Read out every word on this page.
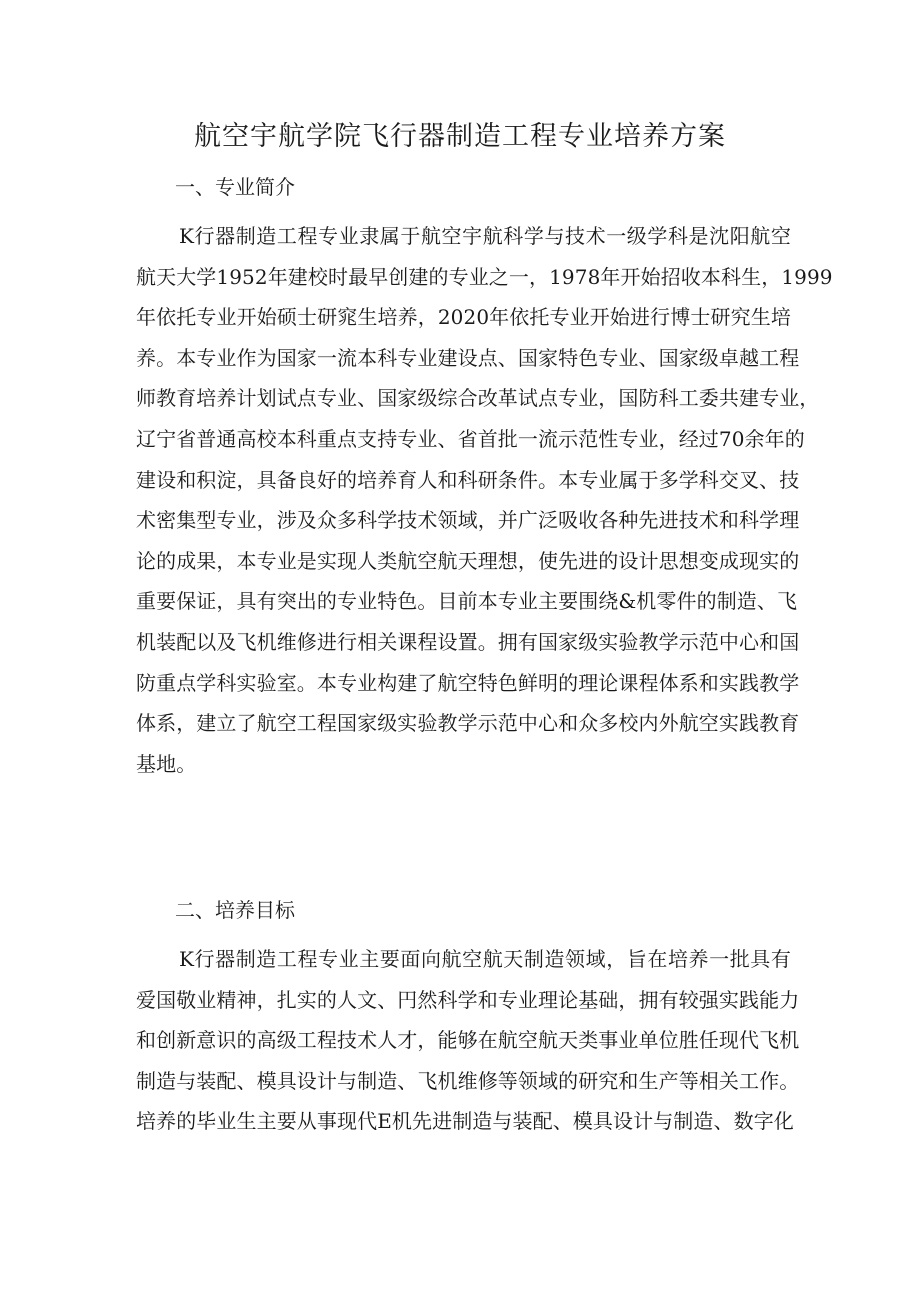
航空宇航学院飞行器制造工程专业培养方案
一、专业简介
K行器制造工程专业隶属于航空宇航科学与技术一级学科是沈阳航空
航天大学1952年建校时最早创建的专业之一，1978年开始招收本科生，1999
年依托专业开始硕士研窕生培养，2020年依托专业开始进行博士研究生培
养。本专业作为国家一流本科专业建设点、国家特色专业、国家级卓越工程
师教育培养计划试点专业、国家级综合改革试点专业，国防科工委共建专业，
辽宁省普通高校本科重点支持专业、省首批一流示范性专业，经过70余年的
建设和积淀，具备良好的培养育人和科研条件。本专业属于多学科交叉、技
术密集型专业，涉及众多科学技术领域，并广泛吸收各种先进技术和科学理
论的成果，本专业是实现人类航空航天理想，使先进的设计思想变成现实的
重要保证，具有突出的专业特色。目前本专业主要围绕&机零件的制造、飞
机装配以及飞机维修进行相关课程设置。拥有国家级实验教学示范中心和国
防重点学科实验室。本专业构建了航空特色鲜明的理论课程体系和实践教学
体系，建立了航空工程国家级实验教学示范中心和众多校内外航空实践教育
基地。
二、培养目标
K行器制造工程专业主要面向航空航天制造领域，旨在培养一批具有
爱国敬业精神，扎实的人文、円然科学和专业理论基础，拥有较强实践能力
和创新意识的高级工程技术人才，能够在航空航天类事业单位胜任现代飞机
制造与装配、模具设计与制造、飞机维修等领域的研究和生产等相关工作。
培养的毕业生主要从事现代E机先进制造与装配、模具设计与制造、数字化
